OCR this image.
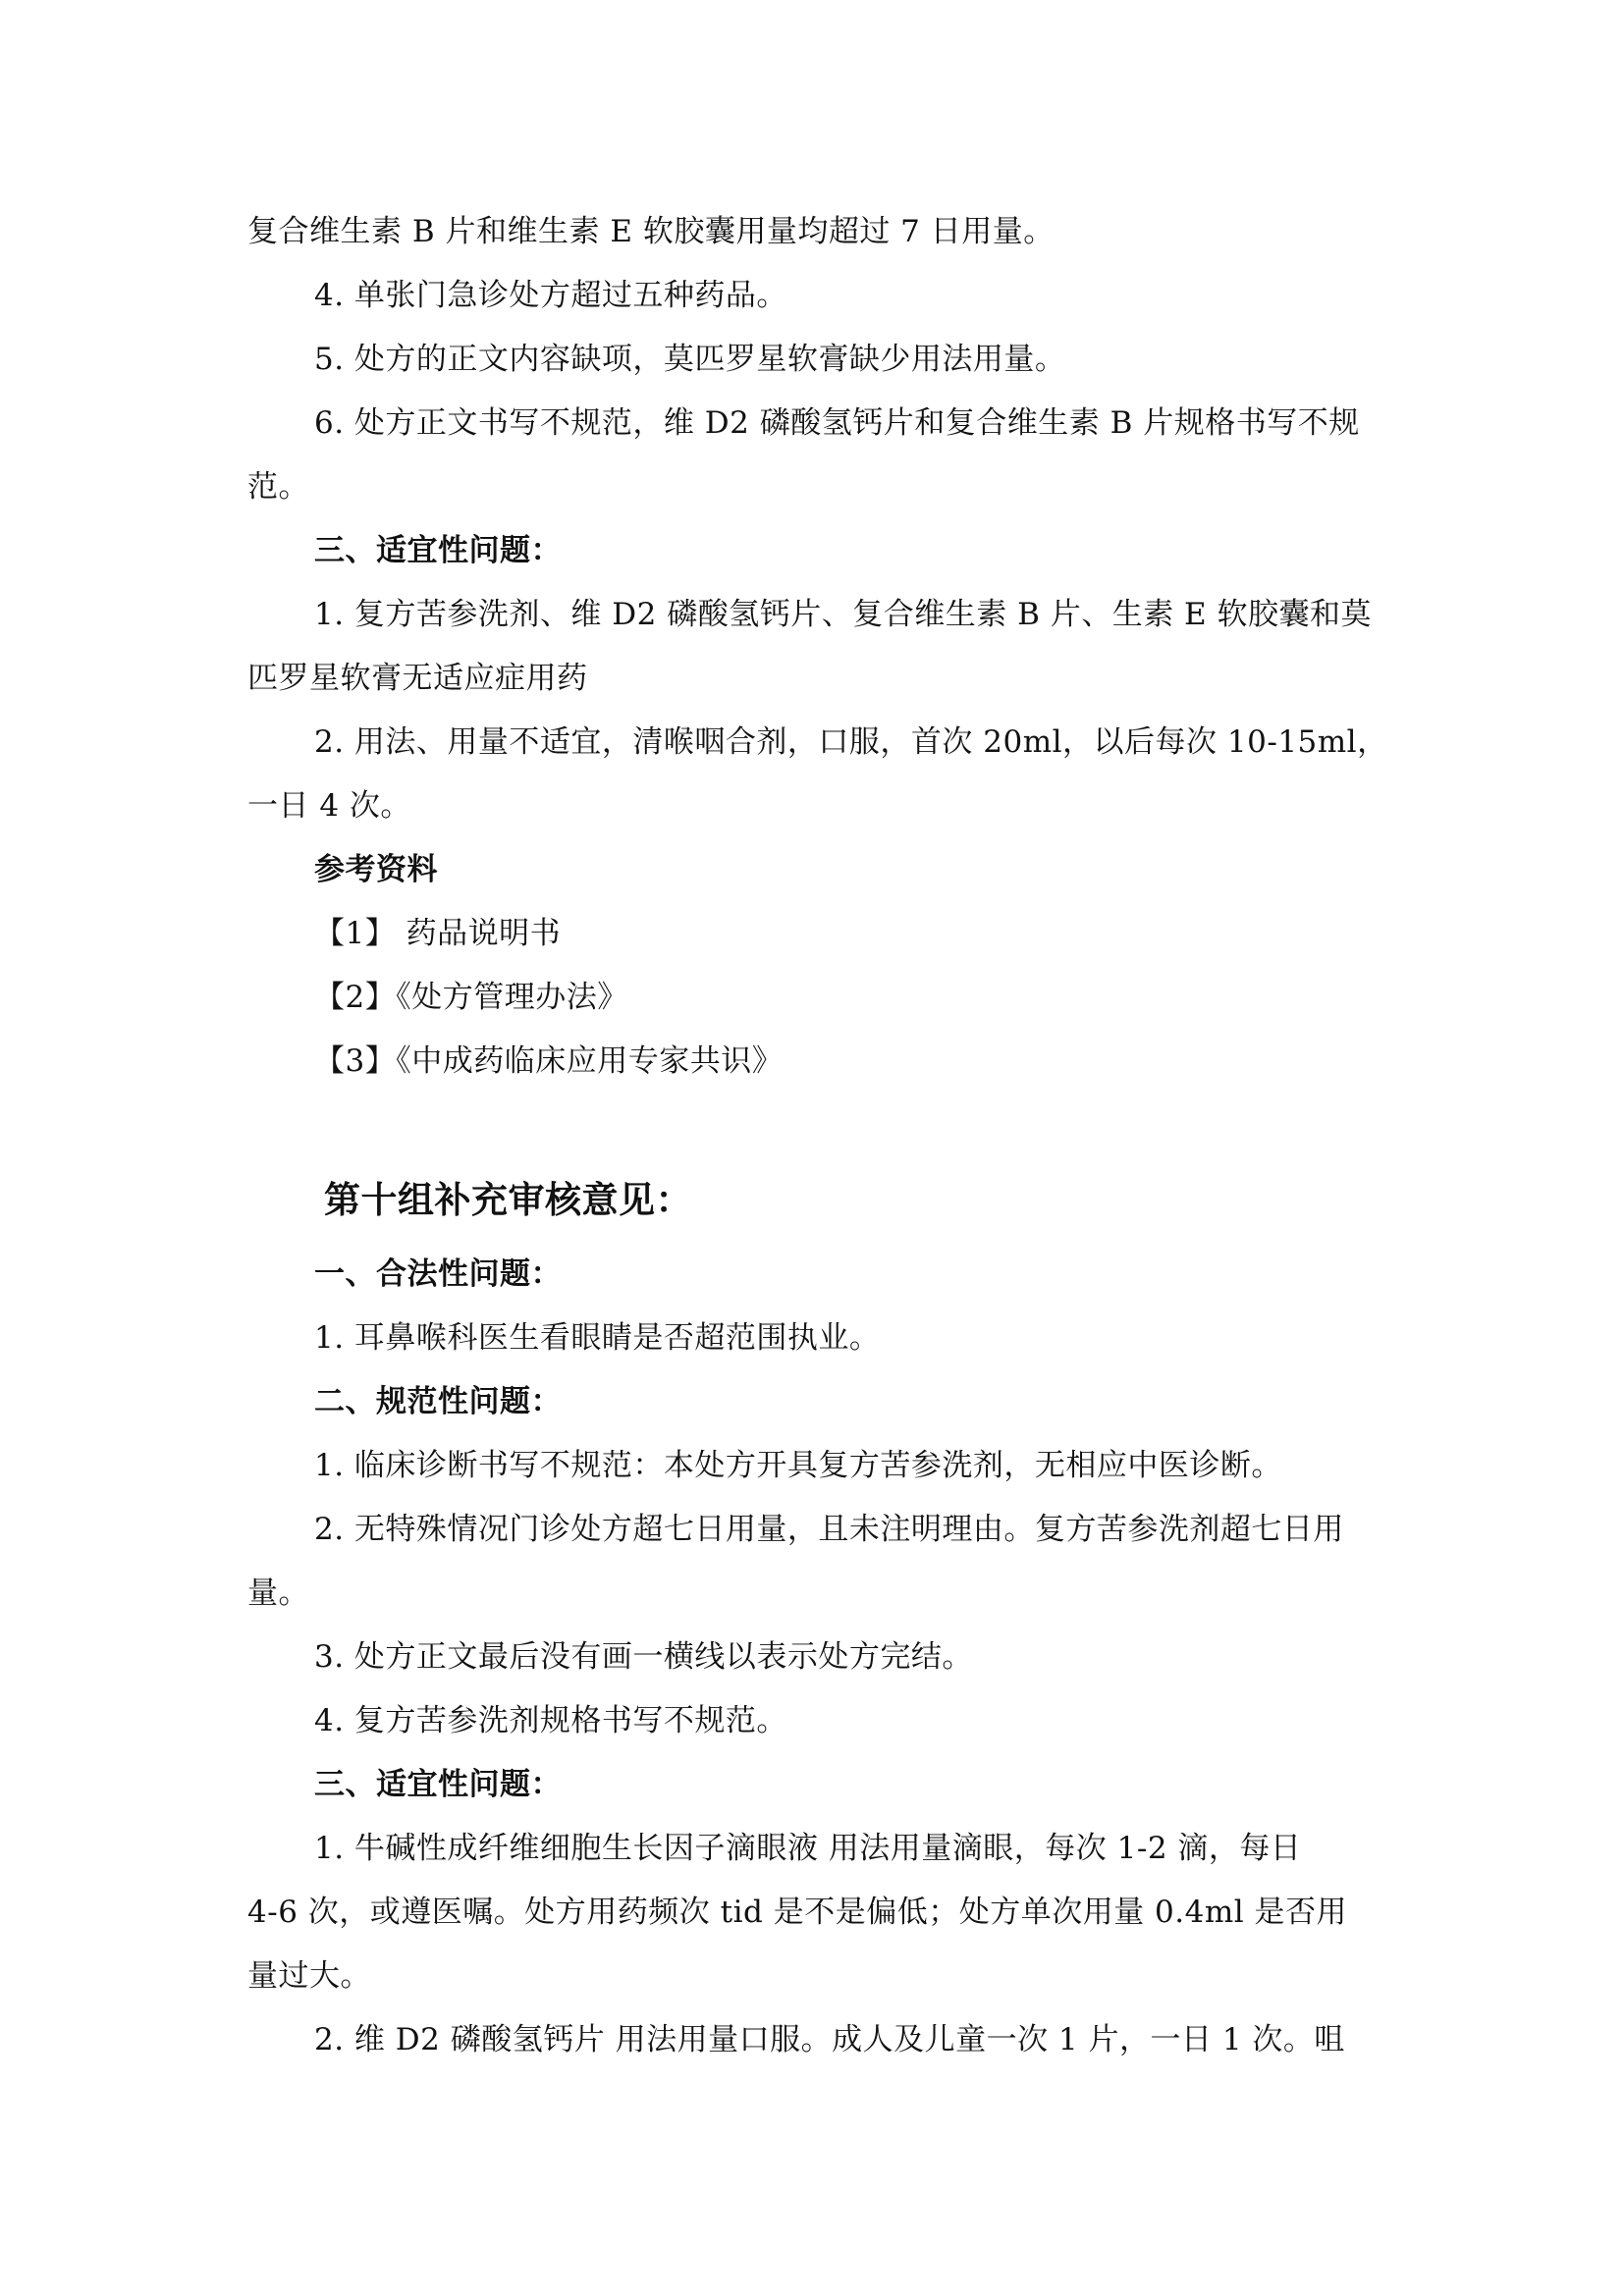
复合维生素 B 片和维生素 E 软胶囊用量均超过 7 日用量。
4. 单张门急诊处方超过五种药品。
5. 处方的正文内容缺项，莫匹罗星软膏缺少用法用量。
6. 处方正文书写不规范，维 D2 磷酸氢钙片和复合维生素 B 片规格书写不规
范。
三、适宜性问题：
1. 复方苦参洗剂、维 D2 磷酸氢钙片、复合维生素 B 片、生素 E 软胶囊和莫
匹罗星软膏无适应症用药
2. 用法、用量不适宜，清喉咽合剂，口服，首次 20ml，以后每次 10-15ml，
一日 4 次。
参考资料
【1】 药品说明书
【2】《处方管理办法》
【3】《中成药临床应用专家共识》
第十组补充审核意见：
一、合法性问题：
1. 耳鼻喉科医生看眼睛是否超范围执业。
二、规范性问题：
1. 临床诊断书写不规范：本处方开具复方苦参洗剂，无相应中医诊断。
2. 无特殊情况门诊处方超七日用量，且未注明理由。复方苦参洗剂超七日用
量。
3. 处方正文最后没有画一横线以表示处方完结。
4. 复方苦参洗剂规格书写不规范。
三、适宜性问题：
1. 牛碱性成纤维细胞生长因子滴眼液 用法用量滴眼，每次 1-2 滴，每日
4-6 次，或遵医嘱。处方用药频次 tid 是不是偏低；处方单次用量 0.4ml 是否用
量过大。
2. 维 D2 磷酸氢钙片 用法用量口服。成人及儿童一次 1 片，一日 1 次。咀
